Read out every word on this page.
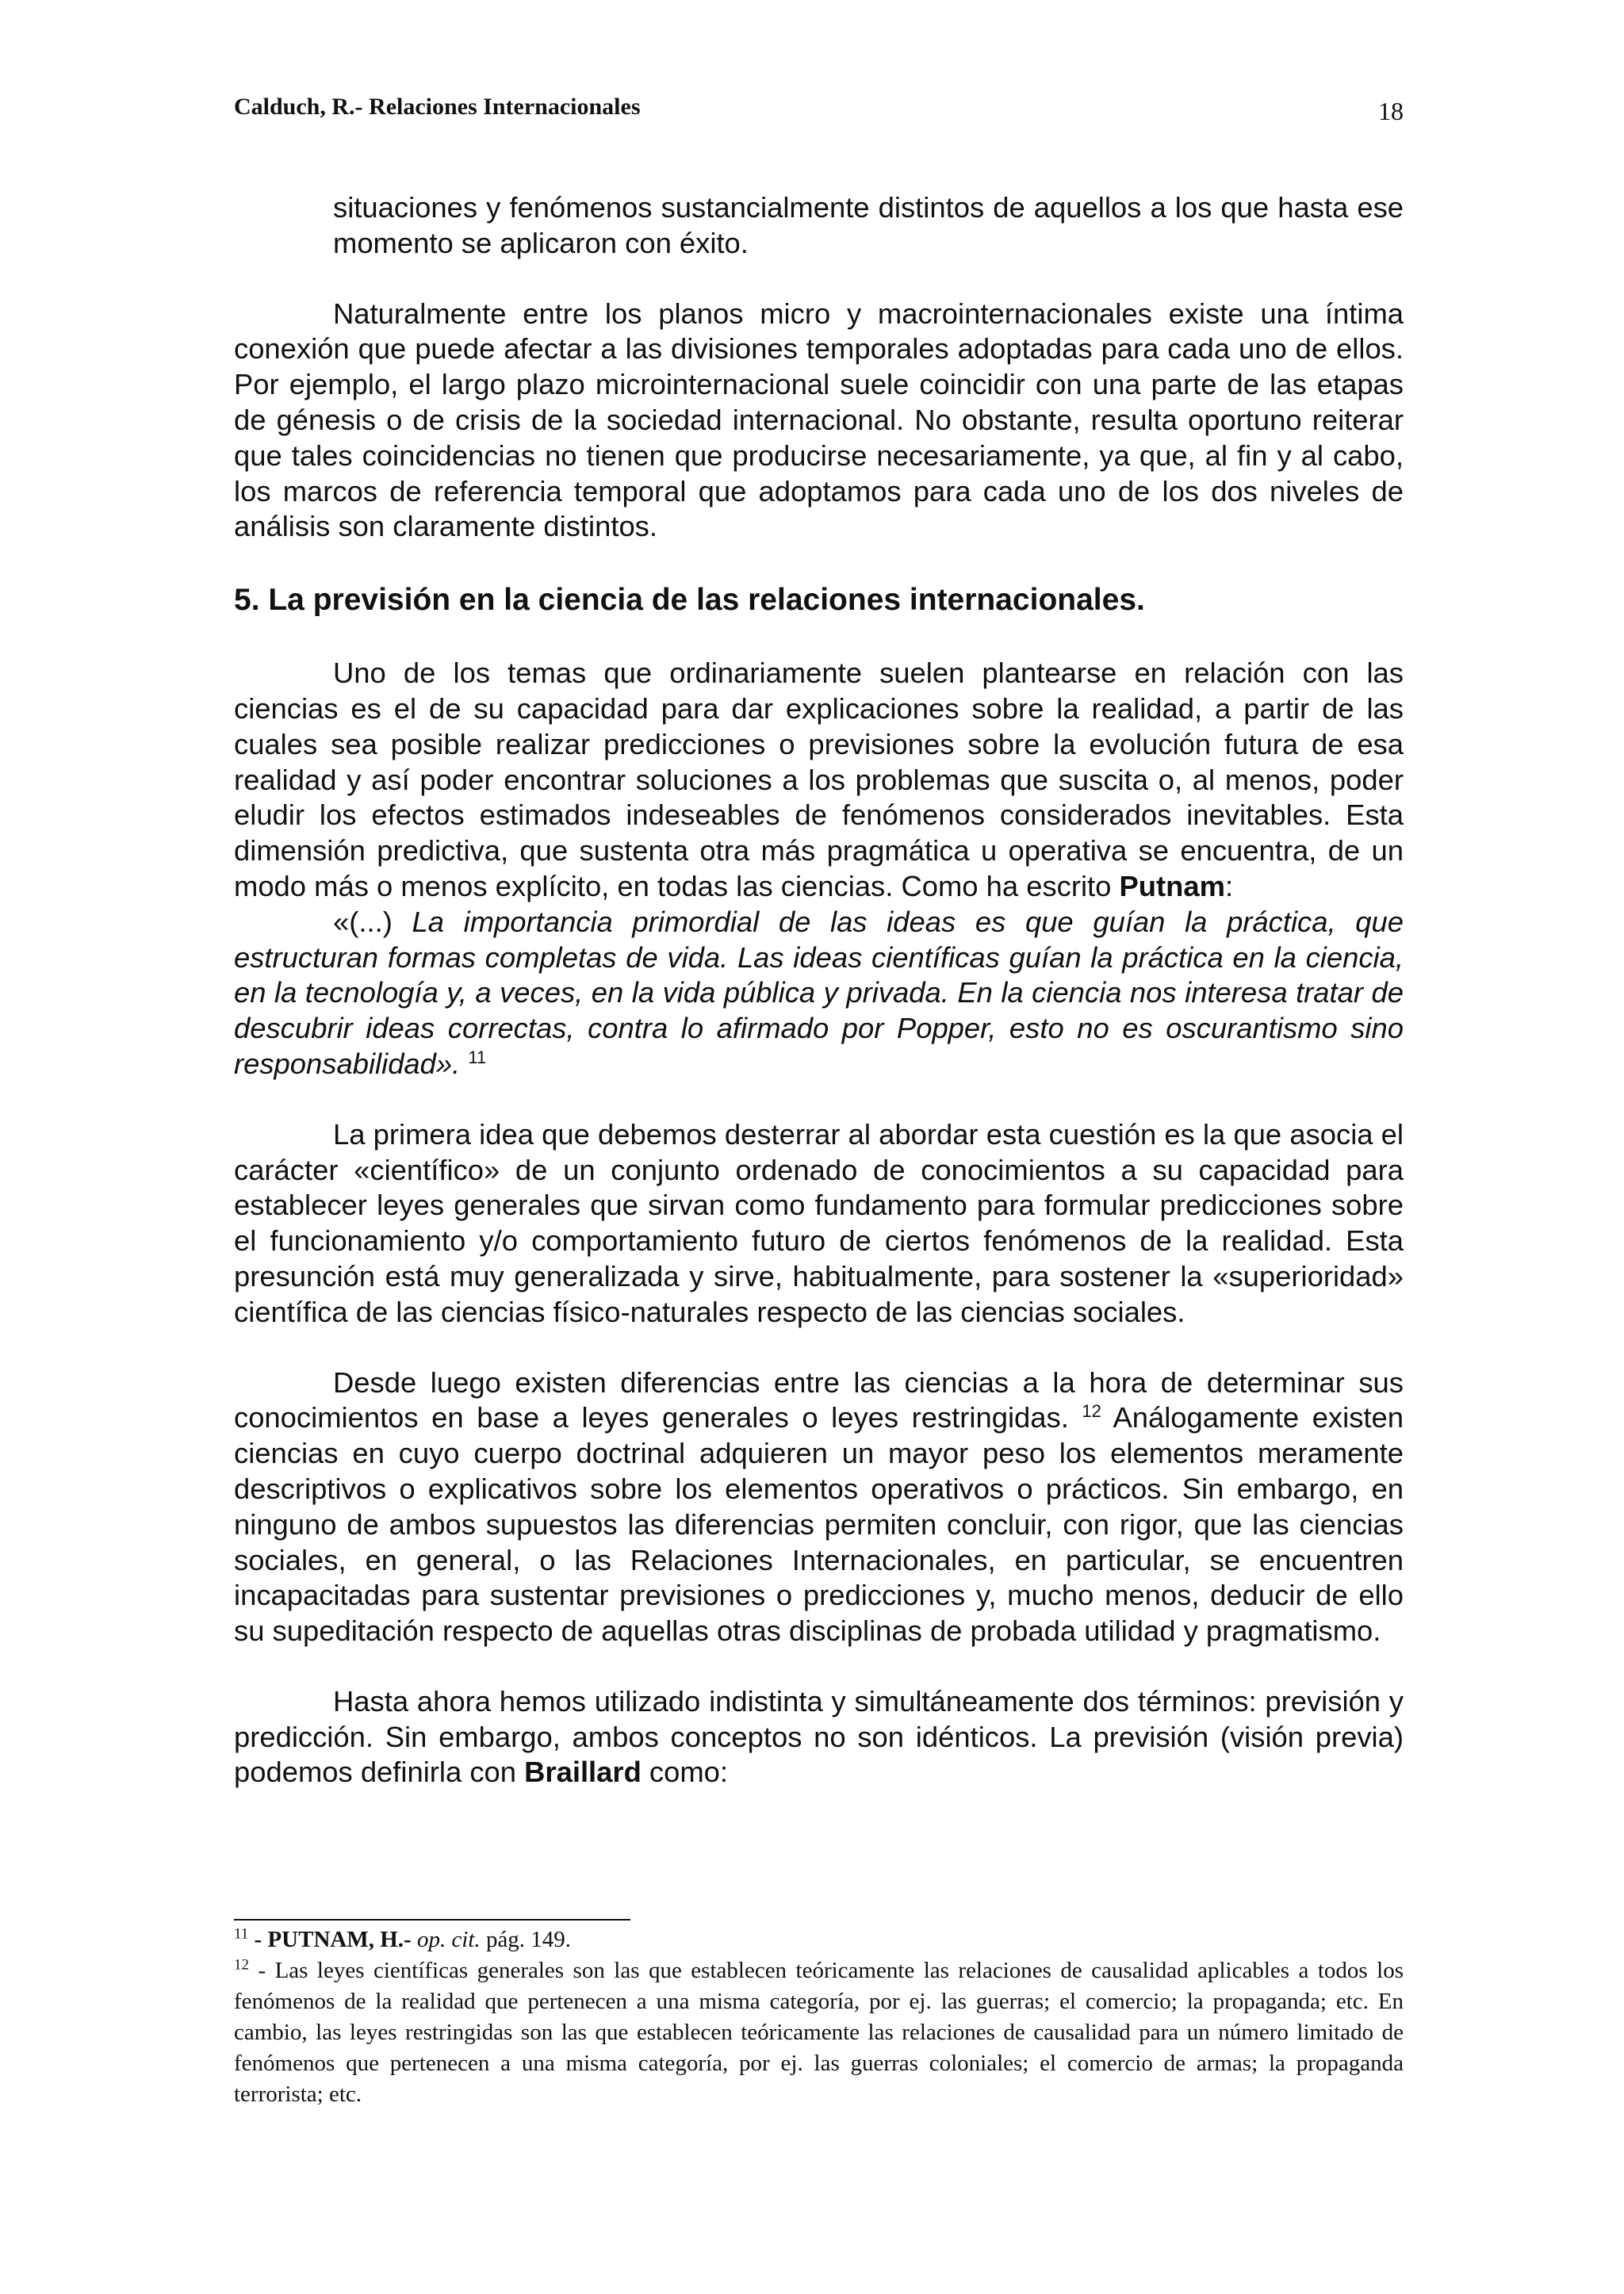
Calduch, R.- Relaciones Internacionales	18

situaciones y fenómenos sustancialmente distintos de aquellos a los que hasta ese momento se aplicaron con éxito.

Naturalmente entre los planos micro y macrointernacionales existe una íntima conexión que puede afectar a las divisiones temporales adoptadas para cada uno de ellos. Por ejemplo, el largo plazo microinternacional suele coincidir con una parte de las etapas de génesis o de crisis de la sociedad internacional. No obstante, resulta oportuno reiterar que tales coincidencias no tienen que producirse necesariamente, ya que, al fin y al cabo, los marcos de referencia temporal que adoptamos para cada uno de los dos niveles de análisis son claramente distintos.

5. La previsión en la ciencia de las relaciones internacionales.

Uno de los temas que ordinariamente suelen plantearse en relación con las ciencias es el de su capacidad para dar explicaciones sobre la realidad, a partir de las cuales sea posible realizar predicciones o previsiones sobre la evolución futura de esa realidad y así poder encontrar soluciones a los problemas que suscita o, al menos, poder eludir los efectos estimados indeseables de fenómenos considerados inevitables. Esta dimensión predictiva, que sustenta otra más pragmática u operativa se encuentra, de un modo más o menos explícito, en todas las ciencias. Como ha escrito Putnam:

«(...) La importancia primordial de las ideas es que guían la práctica, que estructuran formas completas de vida. Las ideas científicas guían la práctica en la ciencia, en la tecnología y, a veces, en la vida pública y privada. En la ciencia nos interesa tratar de descubrir ideas correctas, contra lo afirmado por Popper, esto no es oscurantismo sino responsabilidad». $^{11}$

La primera idea que debemos desterrar al abordar esta cuestión es la que asocia el carácter «científico» de un conjunto ordenado de conocimientos a su capacidad para establecer leyes generales que sirvan como fundamento para formular predicciones sobre el funcionamiento y/o comportamiento futuro de ciertos fenómenos de la realidad. Esta presunción está muy generalizada y sirve, habitualmente, para sostener la «superioridad» científica de las ciencias físico-naturales respecto de las ciencias sociales.

Desde luego existen diferencias entre las ciencias a la hora de determinar sus conocimientos en base a leyes generales o leyes restringidas. $^{12}$ Análogamente existen ciencias en cuyo cuerpo doctrinal adquieren un mayor peso los elementos meramente descriptivos o explicativos sobre los elementos operativos o prácticos. Sin embargo, en ninguno de ambos supuestos las diferencias permiten concluir, con rigor, que las ciencias sociales, en general, o las Relaciones Internacionales, en particular, se encuentren incapacitadas para sustentar previsiones o predicciones y, mucho menos, deducir de ello su supeditación respecto de aquellas otras disciplinas de probada utilidad y pragmatismo.

Hasta ahora hemos utilizado indistinta y simultáneamente dos términos: previsión y predicción. Sin embargo, ambos conceptos no son idénticos. La previsión (visión previa) podemos definirla con Braillard como:

$^{11}$ - PUTNAM, H.- op. cit. pág. 149.

$^{12}$ - Las leyes científicas generales son las que establecen teóricamente las relaciones de causalidad aplicables a todos los fenómenos de la realidad que pertenecen a una misma categoría, por ej. las guerras; el comercio; la propaganda; etc. En cambio, las leyes restringidas son las que establecen teóricamente las relaciones de causalidad para un número limitado de fenómenos que pertenecen a una misma categoría, por ej. las guerras coloniales; el comercio de armas; la propaganda terrorista; etc.
